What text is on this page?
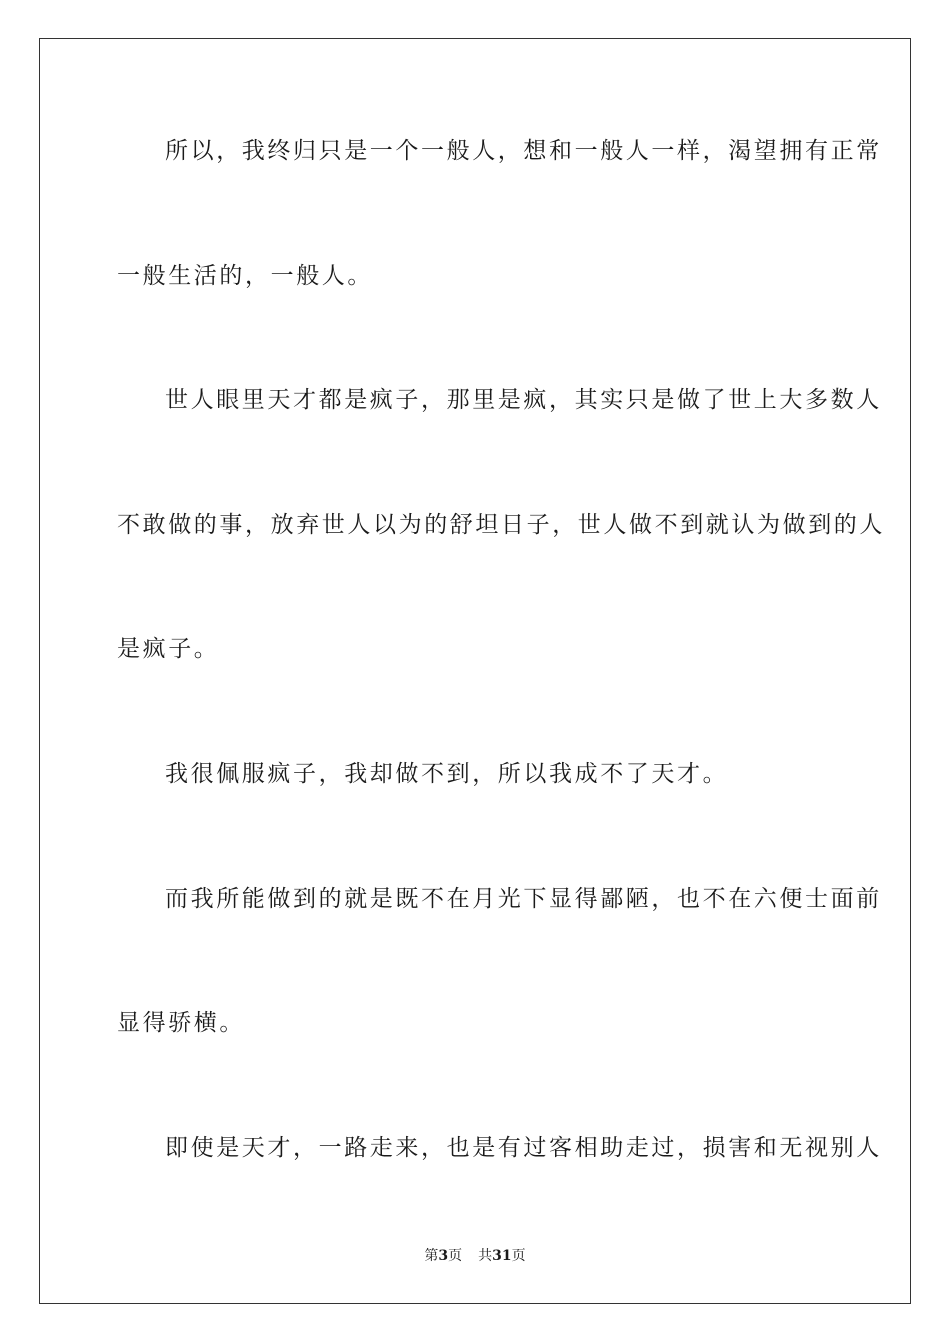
所以，我终归只是一个一般人，想和一般人一样，渴望拥有正常
一般生活的，一般人。
世人眼里天才都是疯子，那里是疯，其实只是做了世上大多数人
不敢做的事，放弃世人以为的舒坦日子，世人做不到就认为做到的人
是疯子。
我很佩服疯子，我却做不到，所以我成不了天才。
而我所能做到的就是既不在月光下显得鄙陋，也不在六便士面前
显得骄横。
即使是天才，一路走来，也是有过客相助走过，损害和无视别人
第3页 共31页
